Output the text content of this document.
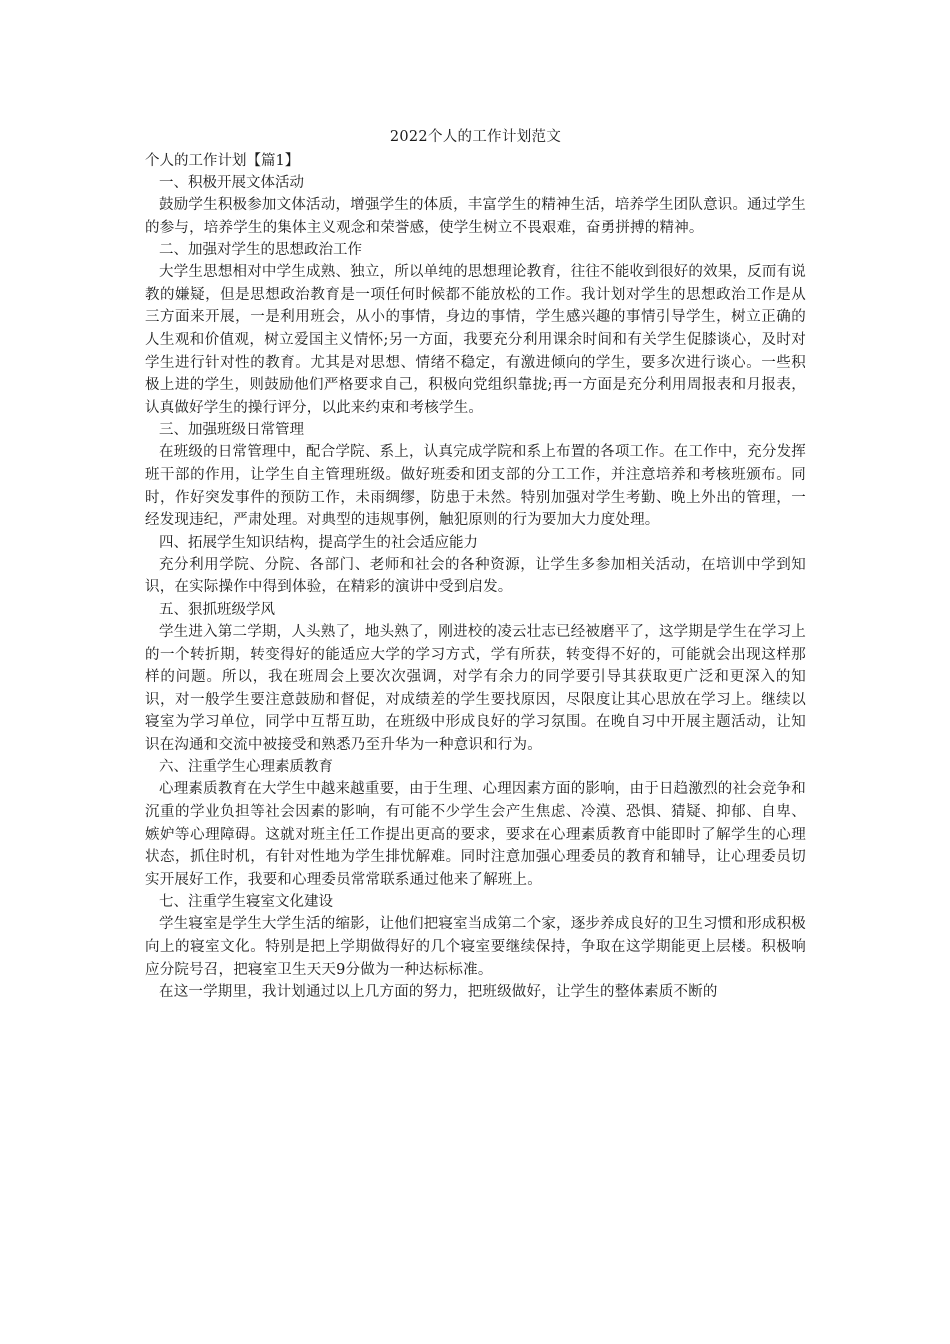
2022个人的工作计划范文
个人的工作计划【篇1】
一、积极开展文体活动

鼓励学生积极参加文体活动，增强学生的体质，丰富学生的精神生活，培养学生团队意识。通过学生的参与，培养学生的集体主义观念和荣誉感，使学生树立不畏艰难，奋勇拼搏的精神。

二、加强对学生的思想政治工作

大学生思想相对中学生成熟、独立，所以单纯的思想理论教育，往往不能收到很好的效果，反而有说教的嫌疑，但是思想政治教育是一项任何时候都不能放松的工作。我计划对学生的思想政治工作是从三方面来开展，一是利用班会，从小的事情，身边的事情，学生感兴趣的事情引导学生，树立正确的人生观和价值观，树立爱国主义情怀;另一方面，我要充分利用课余时间和有关学生促膝谈心，及时对学生进行针对性的教育。尤其是对思想、情绪不稳定，有激进倾向的学生，要多次进行谈心。一些积极上进的学生，则鼓励他们严格要求自己，积极向党组织靠拢;再一方面是充分利用周报表和月报表，认真做好学生的操行评分，以此来约束和考核学生。

三、加强班级日常管理

在班级的日常管理中，配合学院、系上，认真完成学院和系上布置的各项工作。在工作中，充分发挥班干部的作用，让学生自主管理班级。做好班委和团支部的分工工作，并注意培养和考核班颁布。同时，作好突发事件的预防工作，未雨绸缪，防患于未然。特别加强对学生考勤、晚上外出的管理，一经发现违纪，严肃处理。对典型的违规事例，触犯原则的行为要加大力度处理。

四、拓展学生知识结构，提高学生的社会适应能力

充分利用学院、分院、各部门、老师和社会的各种资源，让学生多参加相关活动，在培训中学到知识，在实际操作中得到体验，在精彩的演讲中受到启发。

五、狠抓班级学风

学生进入第二学期，人头熟了，地头熟了，刚进校的凌云壮志已经被磨平了，这学期是学生在学习上的一个转折期，转变得好的能适应大学的学习方式，学有所获，转变得不好的，可能就会出现这样那样的问题。所以，我在班周会上要次次强调，对学有余力的同学要引导其获取更广泛和更深入的知识，对一般学生要注意鼓励和督促，对成绩差的学生要找原因，尽限度让其心思放在学习上。继续以寝室为学习单位，同学中互帮互助，在班级中形成良好的学习氛围。在晚自习中开展主题活动，让知识在沟通和交流中被接受和熟悉乃至升华为一种意识和行为。

六、注重学生心理素质教育

心理素质教育在大学生中越来越重要，由于生理、心理因素方面的影响，由于日趋激烈的社会竞争和沉重的学业负担等社会因素的影响，有可能不少学生会产生焦虑、冷漠、恐惧、猜疑、抑郁、自卑、嫉妒等心理障碍。这就对班主任工作提出更高的要求，要求在心理素质教育中能即时了解学生的心理状态，抓住时机，有针对性地为学生排忧解难。同时注意加强心理委员的教育和辅导，让心理委员切实开展好工作，我要和心理委员常常联系通过他来了解班上。

七、注重学生寝室文化建设

学生寝室是学生大学生活的缩影，让他们把寝室当成第二个家，逐步养成良好的卫生习惯和形成积极向上的寝室文化。特别是把上学期做得好的几个寝室要继续保持，争取在这学期能更上层楼。积极响应分院号召，把寝室卫生天天9分做为一种达标标准。

在这一学期里，我计划通过以上几方面的努力，把班级做好，让学生的整体素质不断的
